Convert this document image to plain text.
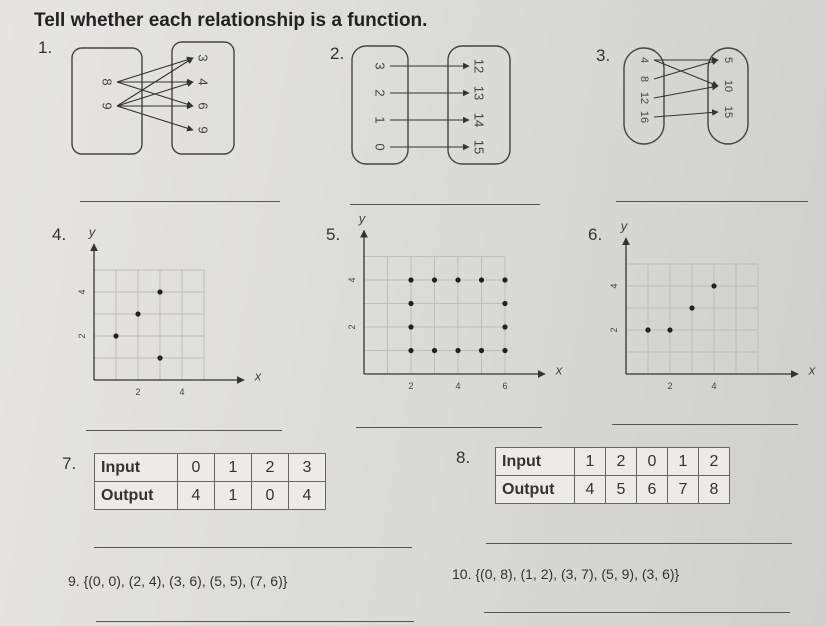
Tell whether each relationship is a function.
1.
8
9
3
4
6
9
2.
3
2
1
0
12
13
14
15
3.	4
8
12
16
5
10
15
4. y
x
2	4
2
4
5.
y
x
2	4	6
2
4
6. y
x
2	4
2
4
7. Input	0	1	2	3
Output	4	1	0	4
8. Input	1	2	0	1	2
Output	4	5	6	7	8
9. {(0, 0), (2, 4), (3, 6), (5, 5), (7, 6)}	10. {(0, 8), (1, 2), (3, 7), (5, 9), (3, 6)}
